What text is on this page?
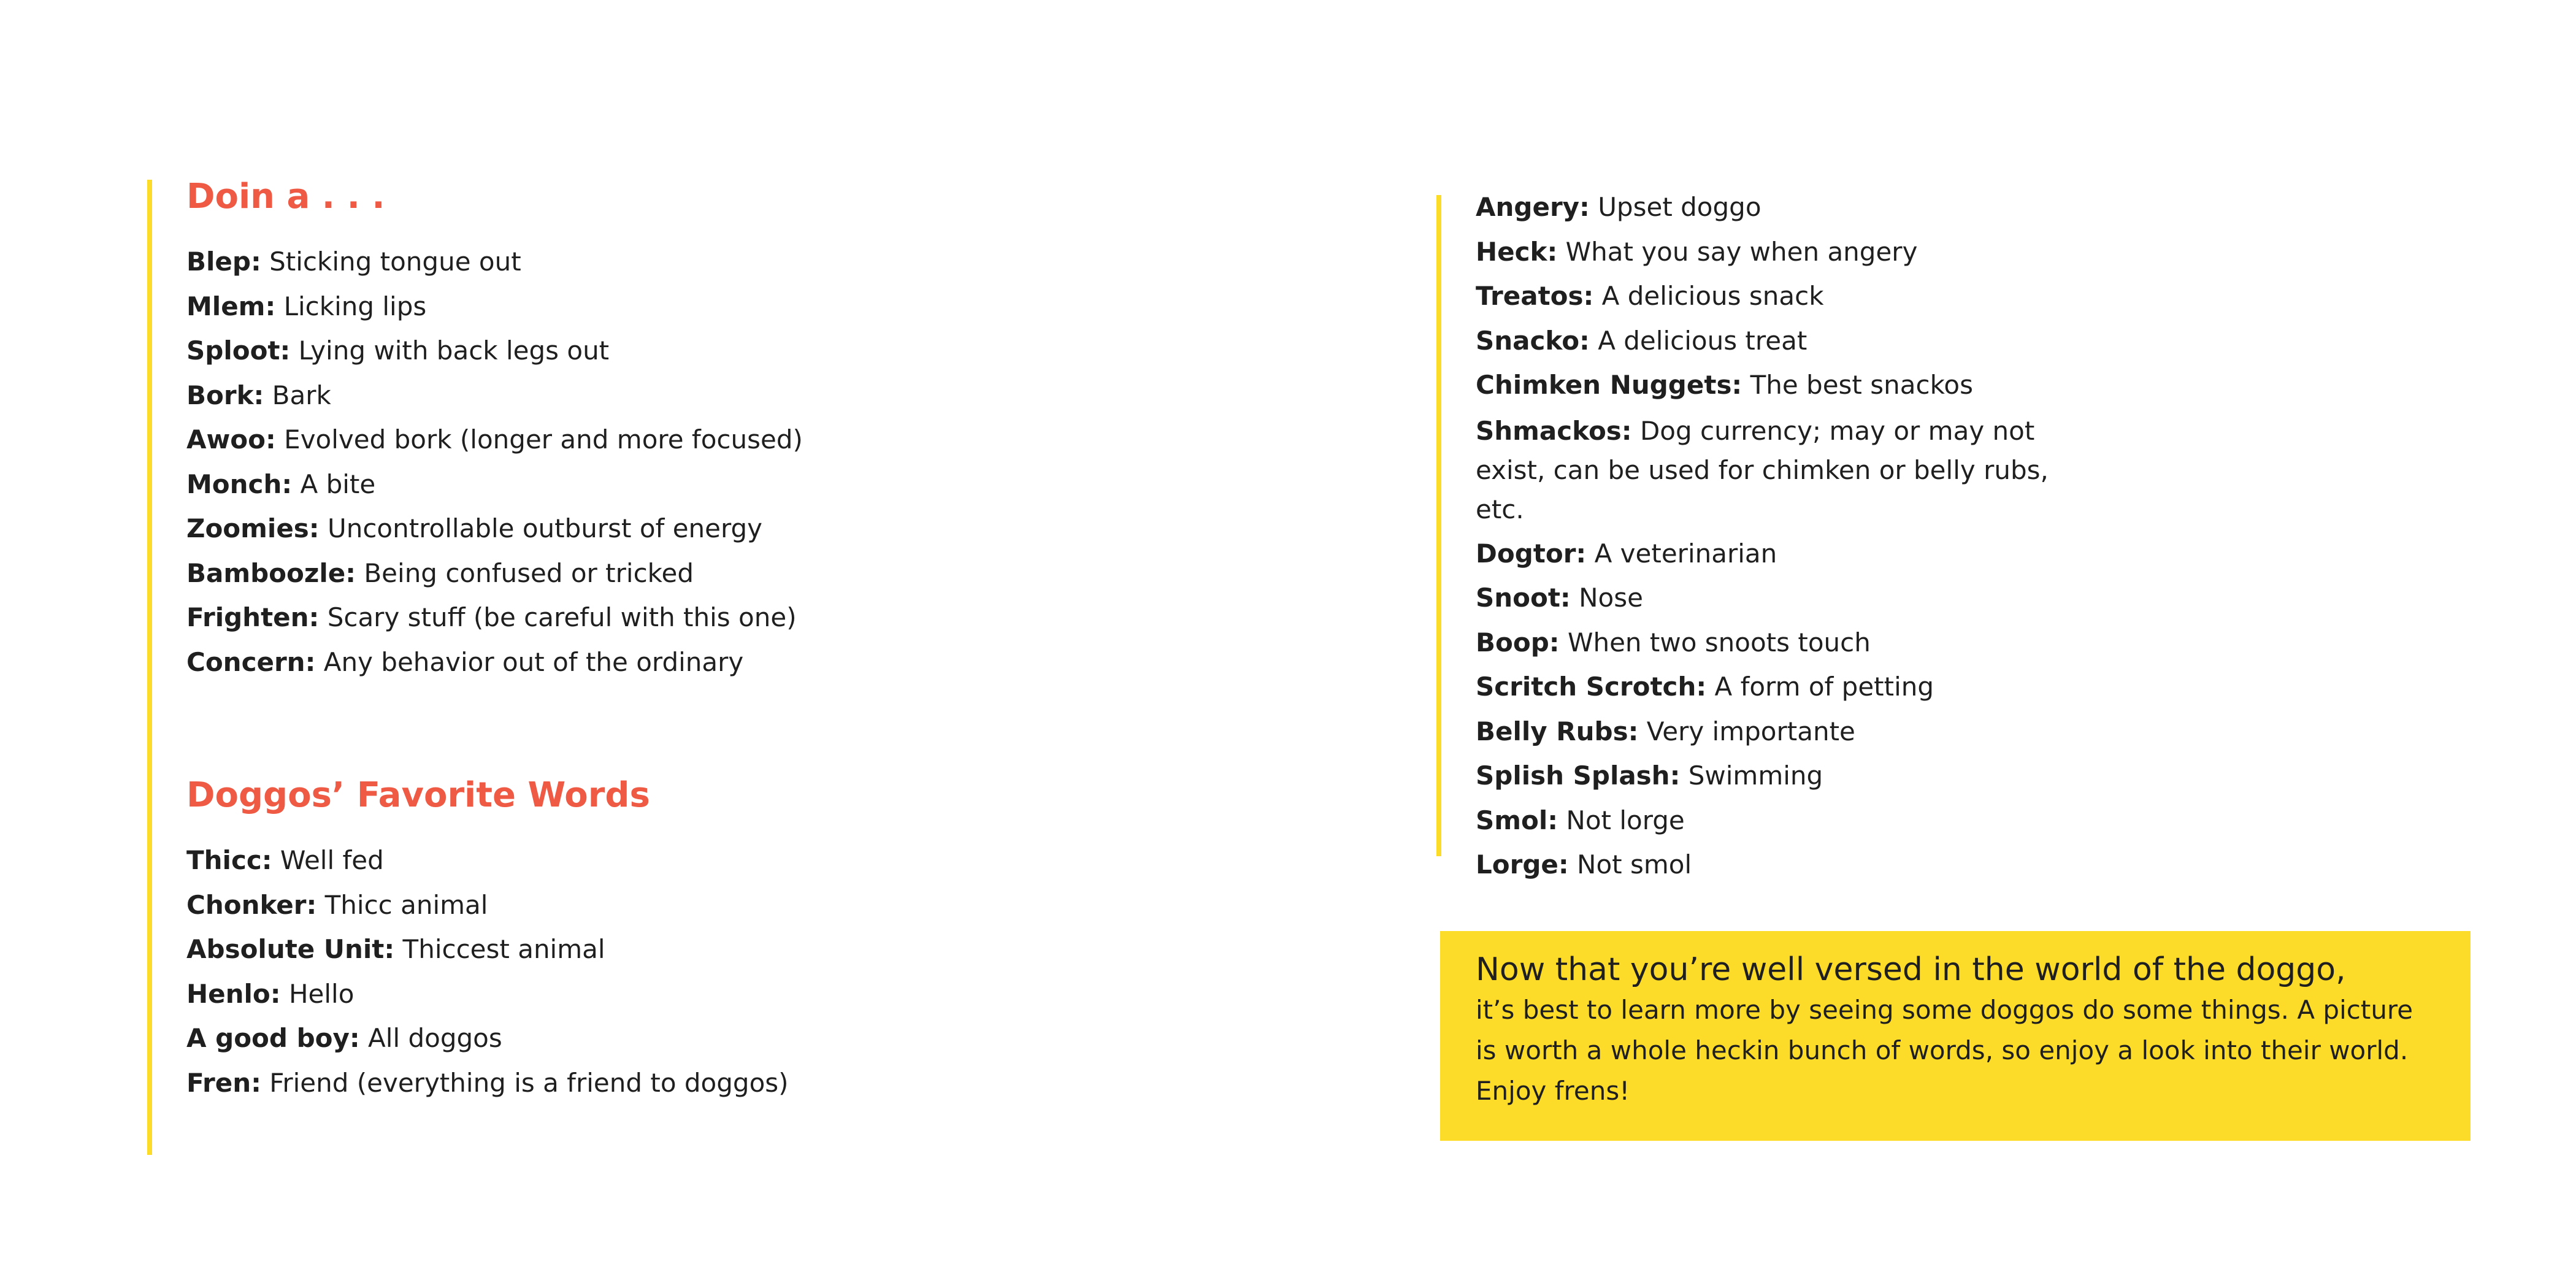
Doin a . . .
Blep: Sticking tongue out
Mlem: Licking lips
Sploot: Lying with back legs out
Bork: Bark
Awoo: Evolved bork (longer and more focused)
Monch: A bite
Zoomies: Uncontrollable outburst of energy
Bamboozle: Being confused or tricked
Frighten: Scary stuff (be careful with this one)
Concern: Any behavior out of the ordinary
Doggos’ Favorite Words
Thicc: Well fed
Chonker: Thicc animal
Absolute Unit: Thiccest animal
Henlo: Hello
A good boy: All doggos
Fren: Friend (everything is a friend to doggos)
Angery: Upset doggo
Heck: What you say when angery
Treatos: A delicious snack
Snacko: A delicious treat
Chimken Nuggets: The best snackos
Shmackos: Dog currency; may or may not exist, can be used for chimken or belly rubs, etc.
Dogtor: A veterinarian
Snoot: Nose
Boop: When two snoots touch
Scritch Scrotch: A form of petting
Belly Rubs: Very importante
Splish Splash: Swimming
Smol: Not lorge
Lorge: Not smol

Now that you’re well versed in the world of the doggo,

it’s best to learn more by seeing some doggos do some things. A picture is worth a whole heckin bunch of words, so enjoy a look into their world. Enjoy frens!
